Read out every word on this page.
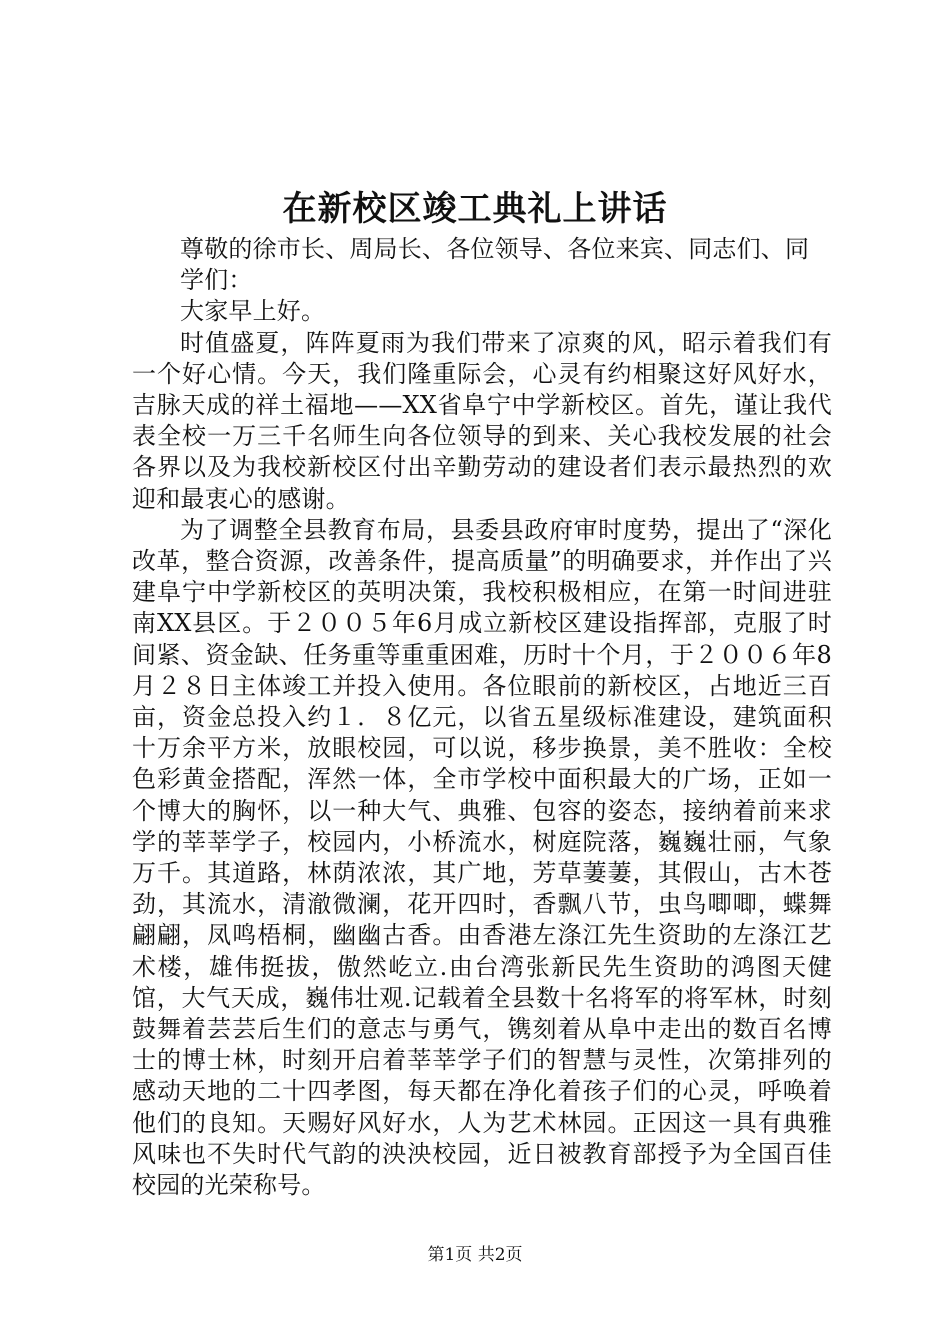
在新校区竣工典礼上讲话

尊敬的徐市长、周局长、各位领导、各位来宾、同志们、同学们：

大家早上好。

时值盛夏，阵阵夏雨为我们带来了凉爽的风，昭示着我们有一个好心情。今天，我们隆重际会，心灵有约相聚这好风好水，吉脉天成的祥土福地——XX省阜宁中学新校区。首先，谨让我代表全校一万三千名师生向各位领导的到来、关心我校发展的社会各界以及为我校新校区付出辛勤劳动的建设者们表示最热烈的欢迎和最衷心的感谢。

为了调整全县教育布局，县委县政府审时度势，提出了“深化改革，整合资源，改善条件，提高质量”的明确要求，并作出了兴建阜宁中学新校区的英明决策，我校积极相应，在第一时间进驻南XX县区。于２００５年6月成立新校区建设指挥部，克服了时间紧、资金缺、任务重等重重困难，历时十个月，于２００６年8月２８日主体竣工并投入使用。各位眼前的新校区，占地近三百亩，资金总投入约１．８亿元，以省五星级标准建设，建筑面积十万余平方米，放眼校园，可以说，移步换景，美不胜收：全校色彩黄金搭配，浑然一体，全市学校中面积最大的广场，正如一个博大的胸怀，以一种大气、典雅、包容的姿态，接纳着前来求学的莘莘学子，校园内，小桥流水，树庭院落，巍巍壮丽，气象万千。其道路，林荫浓浓，其广地，芳草萋萋，其假山，古木苍劲，其流水，清澈微澜，花开四时，香飘八节，虫鸟唧唧，蝶舞翩翩，凤鸣梧桐，幽幽古香。由香港左涤江先生资助的左涤江艺术楼，雄伟挺拔，傲然屹立.由台湾张新民先生资助的鸿图天健馆，大气天成，巍伟壮观.记载着全县数十名将军的将军林，时刻鼓舞着芸芸后生们的意志与勇气，镌刻着从阜中走出的数百名博士的博士林，时刻开启着莘莘学子们的智慧与灵性，次第排列的感动天地的二十四孝图，每天都在净化着孩子们的心灵，呼唤着他们的良知。天赐好风好水，人为艺术林园。正因这一具有典雅风味也不失时代气韵的泱泱校园，近日被教育部授予为全国百佳校园的光荣称号。

第1页 共2页
